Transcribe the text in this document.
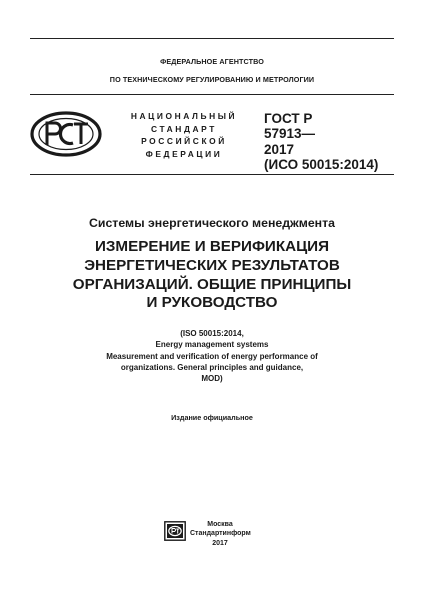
ФЕДЕРАЛЬНОЕ АГЕНТСТВО
ПО ТЕХНИЧЕСКОМУ РЕГУЛИРОВАНИЮ И МЕТРОЛОГИИ
НАЦИОНАЛЬНЫЙ
СТАНДАРТ
РОССИЙСКОЙ
ФЕДЕРАЦИИ
ГОСТ Р
57913—
2017
(ИСО 50015:2014)
Системы энергетического менеджмента
ИЗМЕРЕНИЕ И ВЕРИФИКАЦИЯ
ЭНЕРГЕТИЧЕСКИХ РЕЗУЛЬТАТОВ
ОРГАНИЗАЦИЙ. ОБЩИЕ ПРИНЦИПЫ
И РУКОВОДСТВО
(ISO 50015:2014,
Energy management systems
Measurement and verification of energy performance of
organizations. General principles and guidance,
MOD)
Издание официальное
Москва
Стандартинформ
2017
